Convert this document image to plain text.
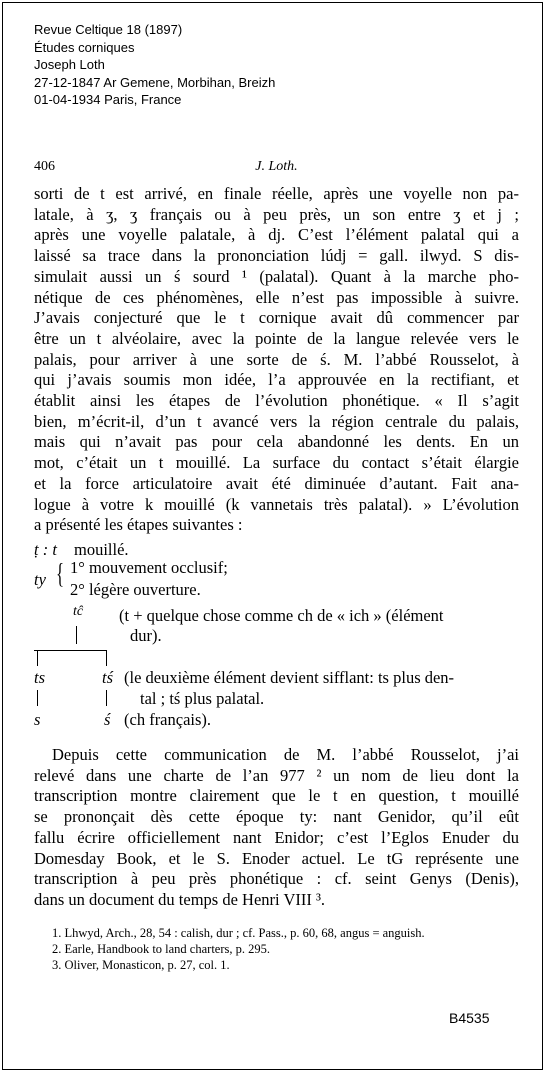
Revue Celtique 18 (1897)
Études corniques
Joseph Loth
27-12-1847 Ar Gemene, Morbihan, Breizh
01-04-1934 Paris, France
406	J. Loth.
sorti de t est arrivé, en finale réelle, après une voyelle non pa-
latale, à ʒ, ʒ français ou à peu près, un son entre ʒ et j ;
après une voyelle palatale, à dj. C’est l’élément palatal qui a
laissé sa trace dans la prononciation lúdj = gall. ilwyd. S dis-
simulait aussi un ś sourd ¹ (palatal). Quant à la marche pho-
nétique de ces phénomènes, elle n’est pas impossible à suivre.
J’avais conjecturé que le t cornique avait dû commencer par
être un t alvéolaire, avec la pointe de la langue relevée vers le
palais, pour arriver à une sorte de ś. M. l’abbé Rousselot, à
qui j’avais soumis mon idée, l’a approuvée en la rectifiant, et
établit ainsi les étapes de l’évolution phonétique. « Il s’agit
bien, m’écrit-il, d’un t avancé vers la région centrale du palais,
mais qui n’avait pas pour cela abandonné les dents. En un
mot, c’était un t mouillé. La surface du contact s’était élargie
et la force articulatoire avait été diminuée d’autant. Fait ana-
logue à votre k mouillé (k vannetais très palatal). » L’évolution
a présenté les étapes suivantes :
ṭ : t mouillé.
ty { 1° mouvement occlusif;
2° légère ouverture.
tĉ (t + quelque chose comme ch de « ich » (élément
dur).
ts	tś (le deuxième élément devient sifflant: ts plus den-
tal ; tś plus palatal.
s	ś (ch français).
Depuis cette communication de M. l’abbé Rousselot, j’ai
relevé dans une charte de l’an 977 ² un nom de lieu dont la
transcription montre clairement que le t en question, t mouillé
se prononçait dès cette époque ty: nant Genidor, qu’il eût
fallu écrire officiellement nant Enidor; c’est l’Eglos Enuder du
Domesday Book, et le S. Enoder actuel. Le tG représente une
transcription à peu près phonétique : cf. seint Genys (Denis),
dans un document du temps de Henri VIII ³.
1. Lhwyd, Arch., 28, 54 : calish, dur ; cf. Pass., p. 60, 68, angus = anguish.
2. Earle, Handbook to land charters, p. 295.
3. Oliver, Monasticon, p. 27, col. 1.
B4535
